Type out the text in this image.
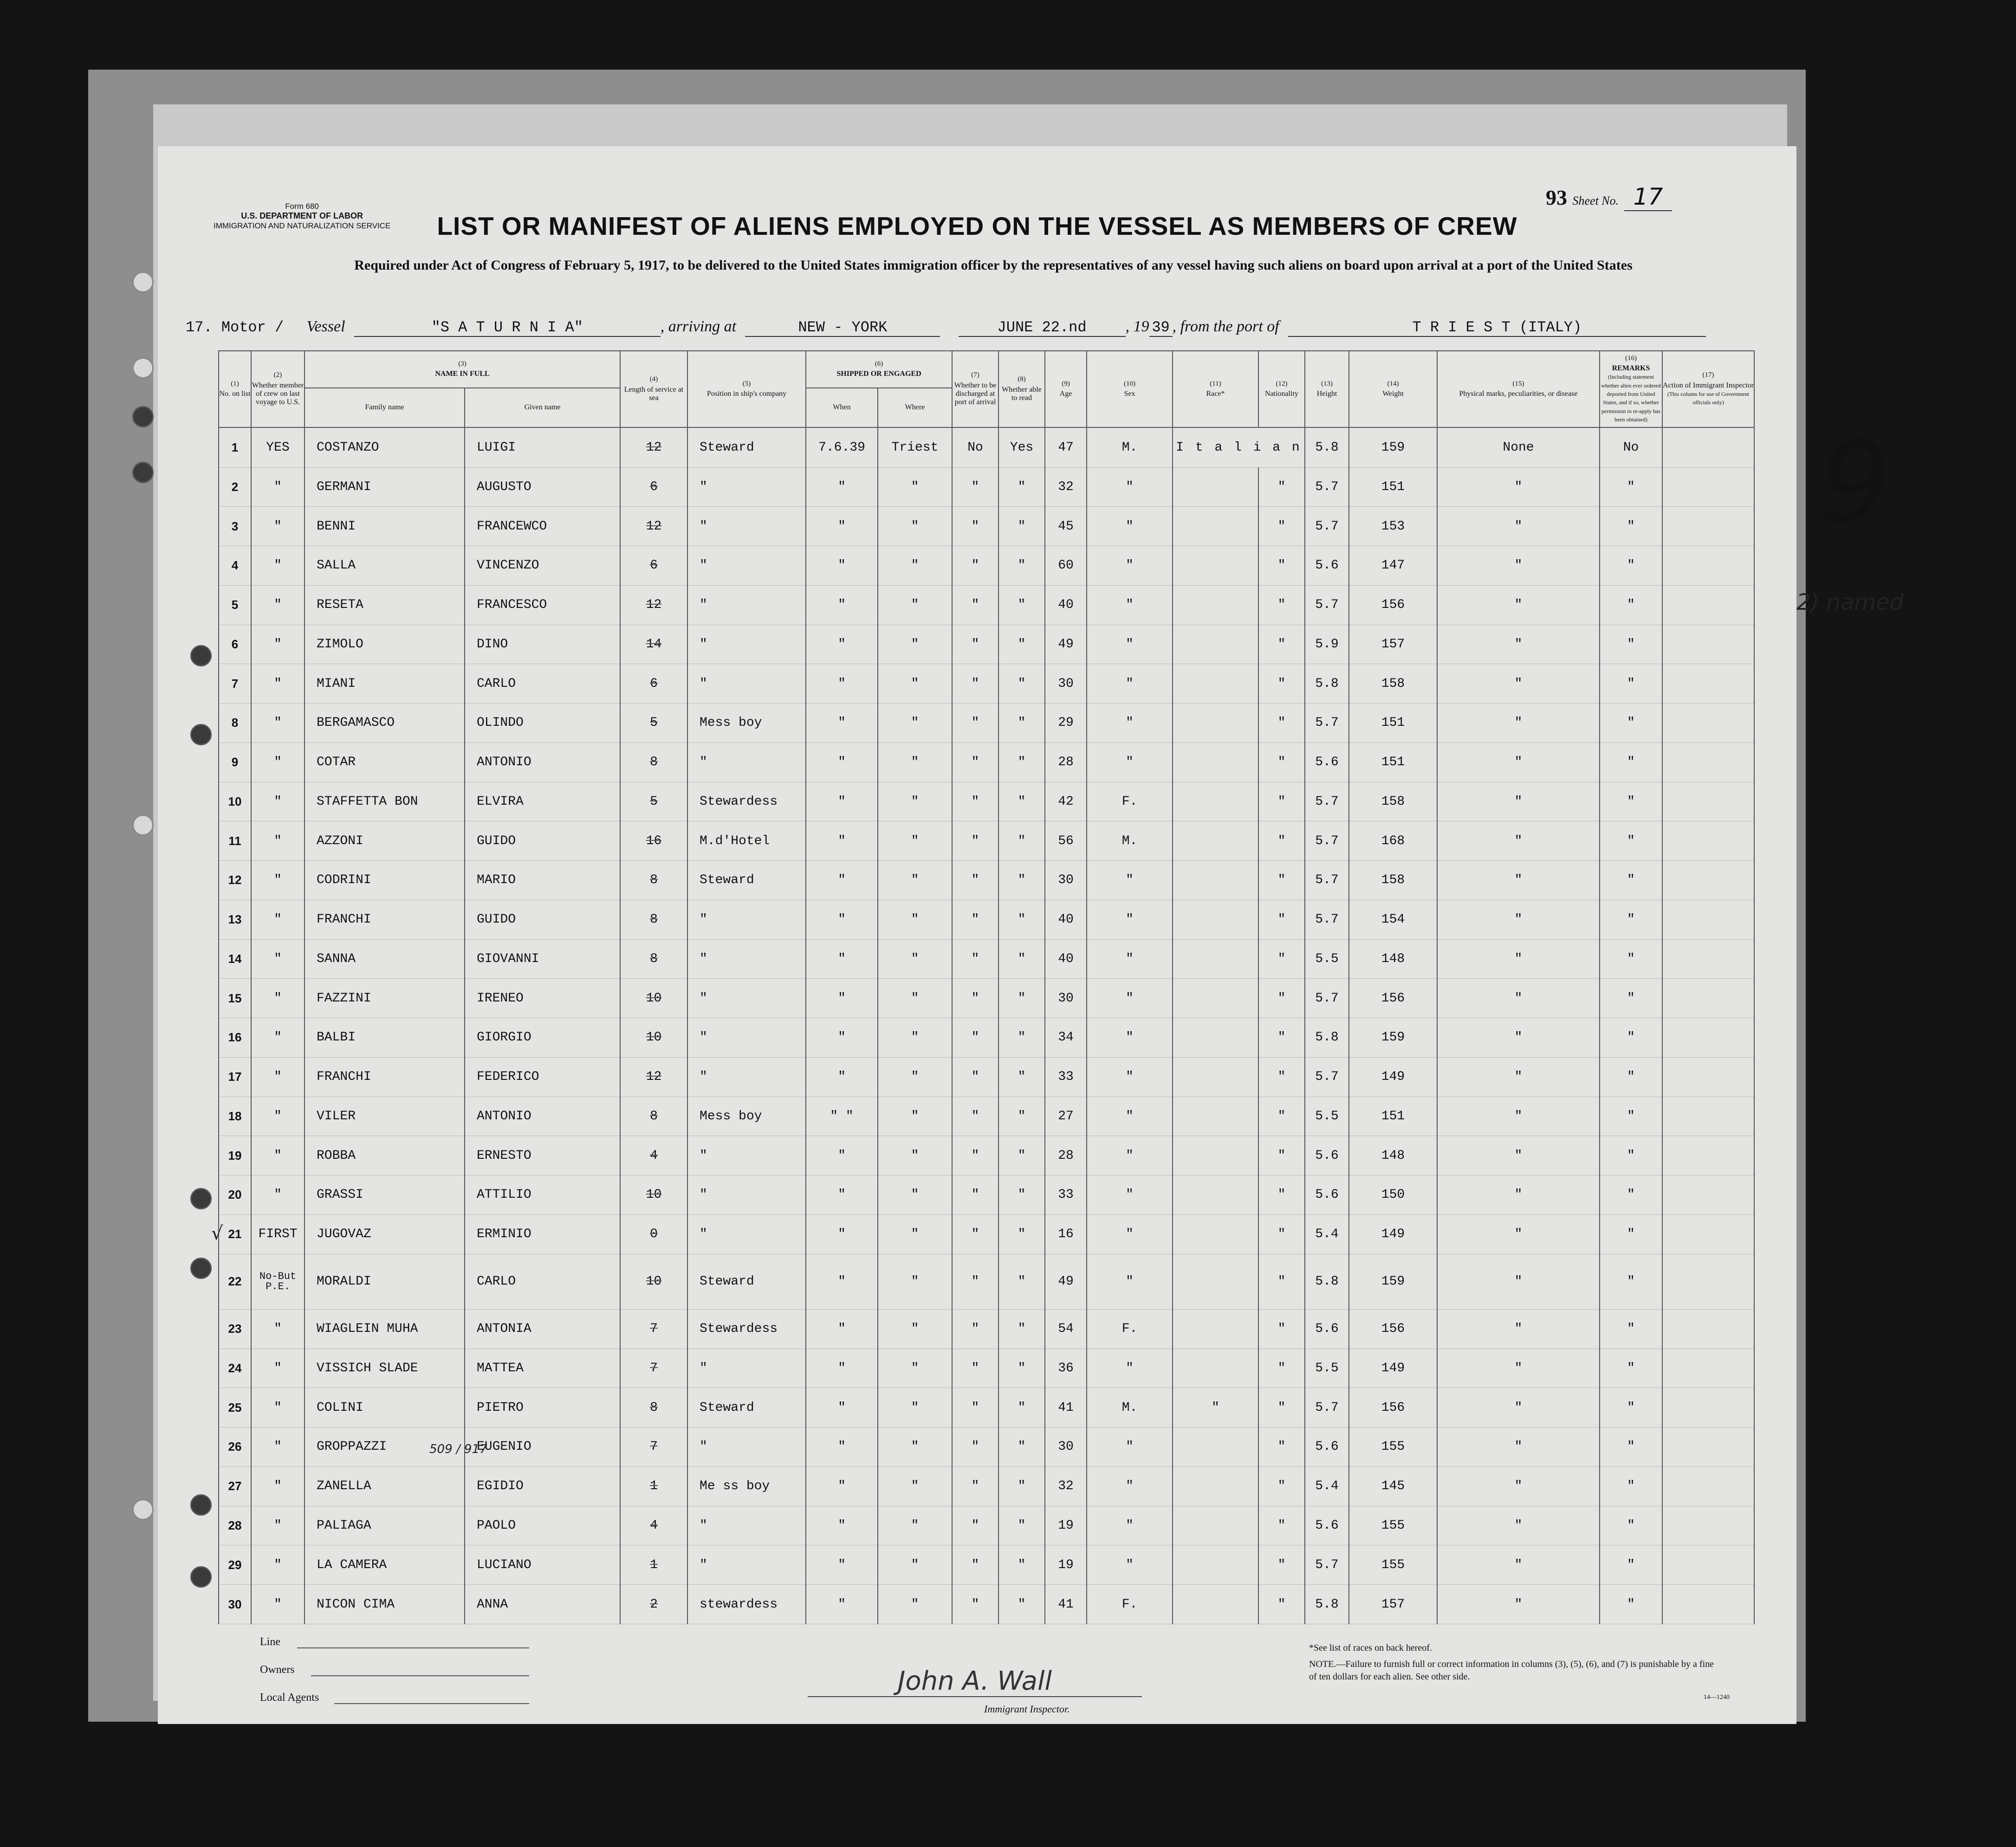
Form 680
U.S. DEPARTMENT OF LABOR
IMMIGRATION AND NATURALIZATION SERVICE
93 Sheet No. 17
LIST OR MANIFEST OF ALIENS EMPLOYED ON THE VESSEL AS MEMBERS OF CREW
Required under Act of Congress of February 5, 1917, to be delivered to the United States immigration officer by the representatives of any vessel having such aliens on board upon arrival at a port of the United States
17. Motor / Vessel	"S A T U R N I A"	, arriving at	NEW - YORK	JUNE 22.nd , 19 39 , from the port of	T R I E S T (ITALY)
(1)
No. on list	(2)
Whether member of crew on last voyage to U.S.	(3)
NAME IN FULL		(4)
Length of service at sea	(5)
Position in ship's company	(6)
SHIPPED OR ENGAGED		(7)
Whether to be discharged at port of arrival	(8)
Whether able to read	(9)
Age	(10)
Sex	(11)
Race*	(12)
Nationality	(13)
Height	(14)
Weight	(15)
Physical marks, peculiarities, or disease	(16)
REMARKS
(Including statement whether alien ever ordered deported from United States, and if so, whether permission to re-apply has been obtained)	(17)
Action of Immigrant Inspector
(This column for use of Government officials only)
		Family name	Given name			When	Where											
1	YES	COSTANZO	LUIGI	12	Steward	7.6.39	Triest	No	Yes	47	M.	I t a l i a n		5.8	159	None	No	
2	"	GERMANI	AUGUSTO	6	"	"	"	"	"	32	"		"	5.7	151	"	"	
3	"	BENNI	FRANCEWCO	12	"	"	"	"	"	45	"		"	5.7	153	"	"	
4	"	SALLA	VINCENZO	6	"	"	"	"	"	60	"		"	5.6	147	"	"	
5	"	RESETA	FRANCESCO	12	"	"	"	"	"	40	"		"	5.7	156	"	"	
6	"	ZIMOLO	DINO	14	"	"	"	"	"	49	"		"	5.9	157	"	"	
7	"	MIANI	CARLO	6	"	"	"	"	"	30	"		"	5.8	158	"	"	
8	"	BERGAMASCO	OLINDO	5	Mess boy	"	"	"	"	29	"		"	5.7	151	"	"	
9	"	COTAR	ANTONIO	8	"	"	"	"	"	28	"		"	5.6	151	"	"	
10	"	STAFFETTA BON	ELVIRA	5	Stewardess	"	"	"	"	42	F.		"	5.7	158	"	"	
11	"	AZZONI	GUIDO	16	M.d'Hotel	"	"	"	"	56	M.		"	5.7	168	"	"	
12	"	CODRINI	MARIO	8	Steward	"	"	"	"	30	"		"	5.7	158	"	"	
13	"	FRANCHI	GUIDO	8	"	"	"	"	"	40	"		"	5.7	154	"	"	
14	"	SANNA	GIOVANNI	8	"	"	"	"	"	40	"		"	5.5	148	"	"	
15	"	FAZZINI	IRENEO	10	"	"	"	"	"	30	"		"	5.7	156	"	"	
16	"	BALBI	GIORGIO	10	"	"	"	"	"	34	"		"	5.8	159	"	"	
17	"	FRANCHI	FEDERICO	12	"	"	"	"	"	33	"		"	5.7	149	"	"	
18	"	VILER	ANTONIO	8	Mess boy	" "	"	"	"	27	"		"	5.5	151	"	"	
19	"	ROBBA	ERNESTO	4	"	"	"	"	"	28	"		"	5.6	148	"	"	
20	"	GRASSI	ATTILIO	10	"	"	"	"	"	33	"		"	5.6	150	"	"	
21	FIRST	JUGOVAZ	ERMINIO	0	"	"	"	"	"	16	"		"	5.4	149	"	"	
22	No-But P.E.	MORALDI	CARLO	10	Steward	"	"	"	"	49	"		"	5.8	159	"	"	
23	"	WIAGLEIN MUHA	ANTONIA	7	Stewardess	"	"	"	"	54	F.		"	5.6	156	"	"	
24	"	VISSICH SLADE	MATTEA	7	"	"	"	"	"	36	"		"	5.5	149	"	"	
25	"	COLINI	PIETRO	8	Steward	"	"	"	"	41	M.	"	"	5.7	156	"	"	
26	"	GROPPAZZI	EUGENIO	7	"	"	"	"	"	30	"		"	5.6	155	"	"	
27	"	ZANELLA	EGIDIO	1	Me ss boy	"	"	"	"	32	"		"	5.4	145	"	"	
28	"	PALIAGA	PAOLO	4	"	"	"	"	"	19	"		"	5.6	155	"	"	
29	"	LA CAMERA	LUCIANO	1	"	"	"	"	"	19	"		"	5.7	155	"	"	
30	"	NICON CIMA	ANNA	2	stewardess	"	"	"	"	41	F.		"	5.8	157	"	"	
509 / 917
√
Line
Owners
Local Agents
John A. Wall
Immigrant Inspector.
*See list of races on back hereof.
NOTE.—Failure to furnish full or correct information in columns (3), (5), (6), and (7) is punishable by a fine of ten dollars for each alien. See other side.
14—1240
9
2) named
